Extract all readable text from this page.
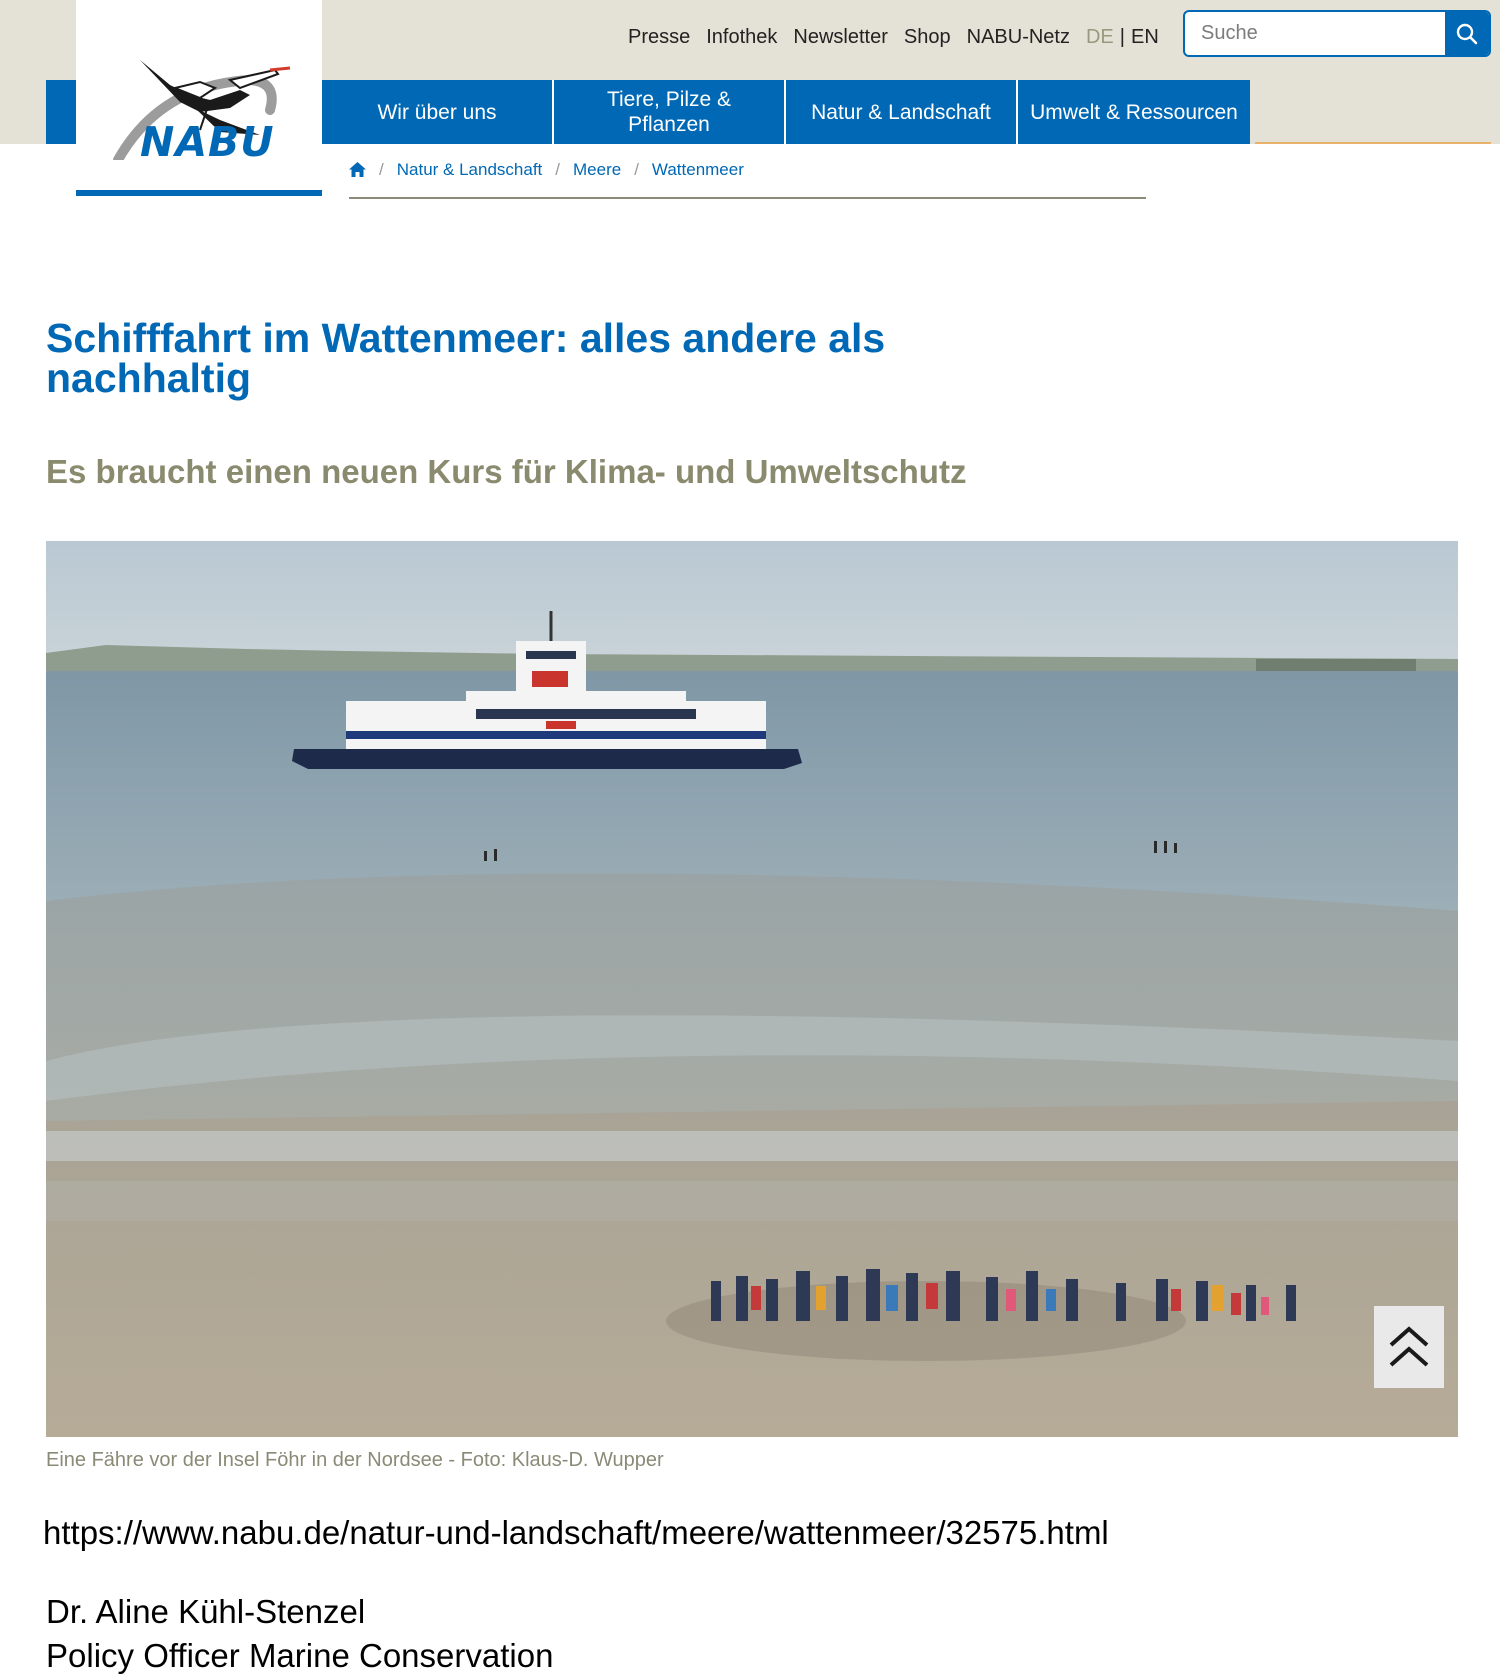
NABU
Presse Infothek Newsletter Shop NABU-Netz DE | EN
Suche
Wir über uns
Tiere, Pilze & Pflanzen
Natur & Landschaft	Umwelt & Ressourcen
/ Natur & Landschaft / Meere / Wattenmeer
Schifffahrt im Wattenmeer: alles andere als nachhaltig
Es braucht einen neuen Kurs für Klima- und Umweltschutz
Eine Fähre vor der Insel Föhr in der Nordsee - Foto: Klaus-D. Wupper
https://www.nabu.de/natur-und-landschaft/meere/wattenmeer/32575.html
Dr. Aline Kühl-Stenzel
Policy Officer Marine Conservation
